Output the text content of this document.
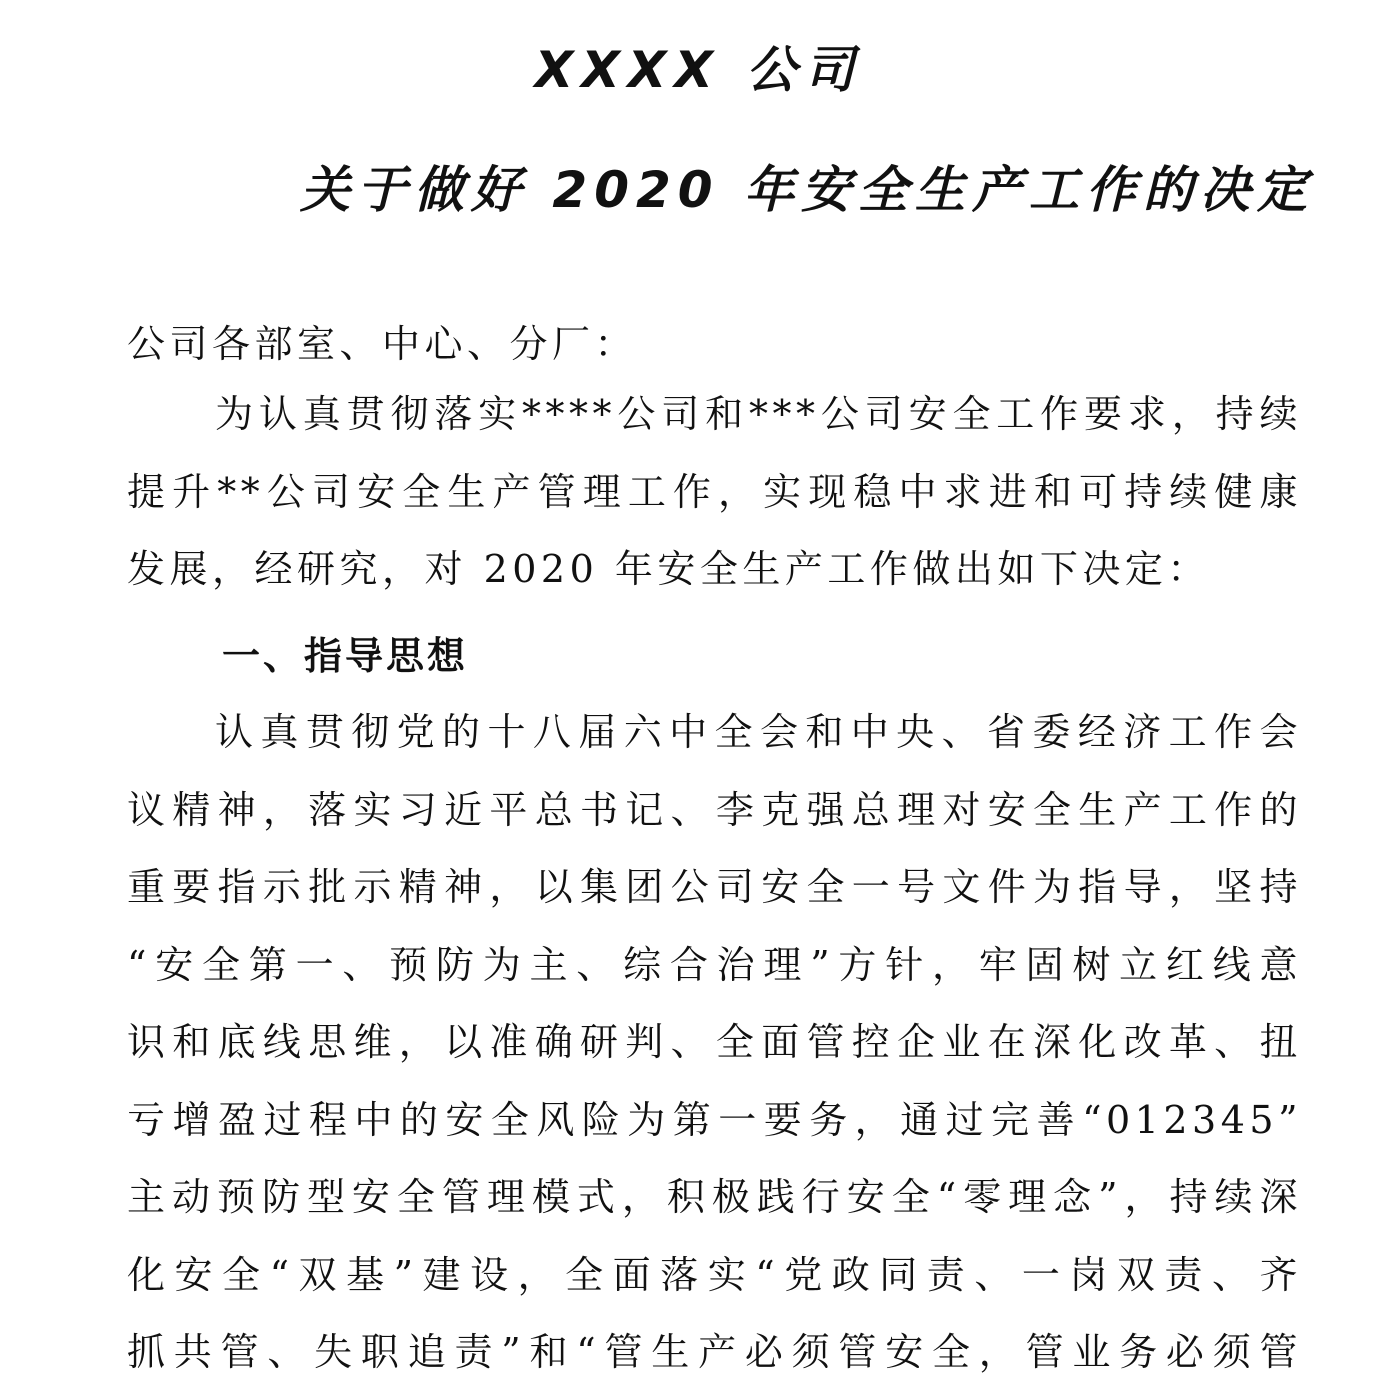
XXXX 公司
关于做好 2020 年安全生产工作的决定
公司各部室、中心、分厂：
为认真贯彻落实****公司和***公司安全工作要求，持续
提升**公司安全生产管理工作，实现稳中求进和可持续健康
发展，经研究，对 2020 年安全生产工作做出如下决定：
一、指导思想
认真贯彻党的十八届六中全会和中央、省委经济工作会
议精神，落实习近平总书记、李克强总理对安全生产工作的
重要指示批示精神，以集团公司安全一号文件为指导，坚持
“安全第一、预防为主、综合治理”方针，牢固树立红线意
识和底线思维，以准确研判、全面管控企业在深化改革、扭
亏增盈过程中的安全风险为第一要务，通过完善“012345”
主动预防型安全管理模式，积极践行安全“零理念”，持续深
化安全“双基”建设，全面落实“党政同责、一岗双责、齐
抓共管、失职追责”和“管生产必须管安全，管业务必须管
